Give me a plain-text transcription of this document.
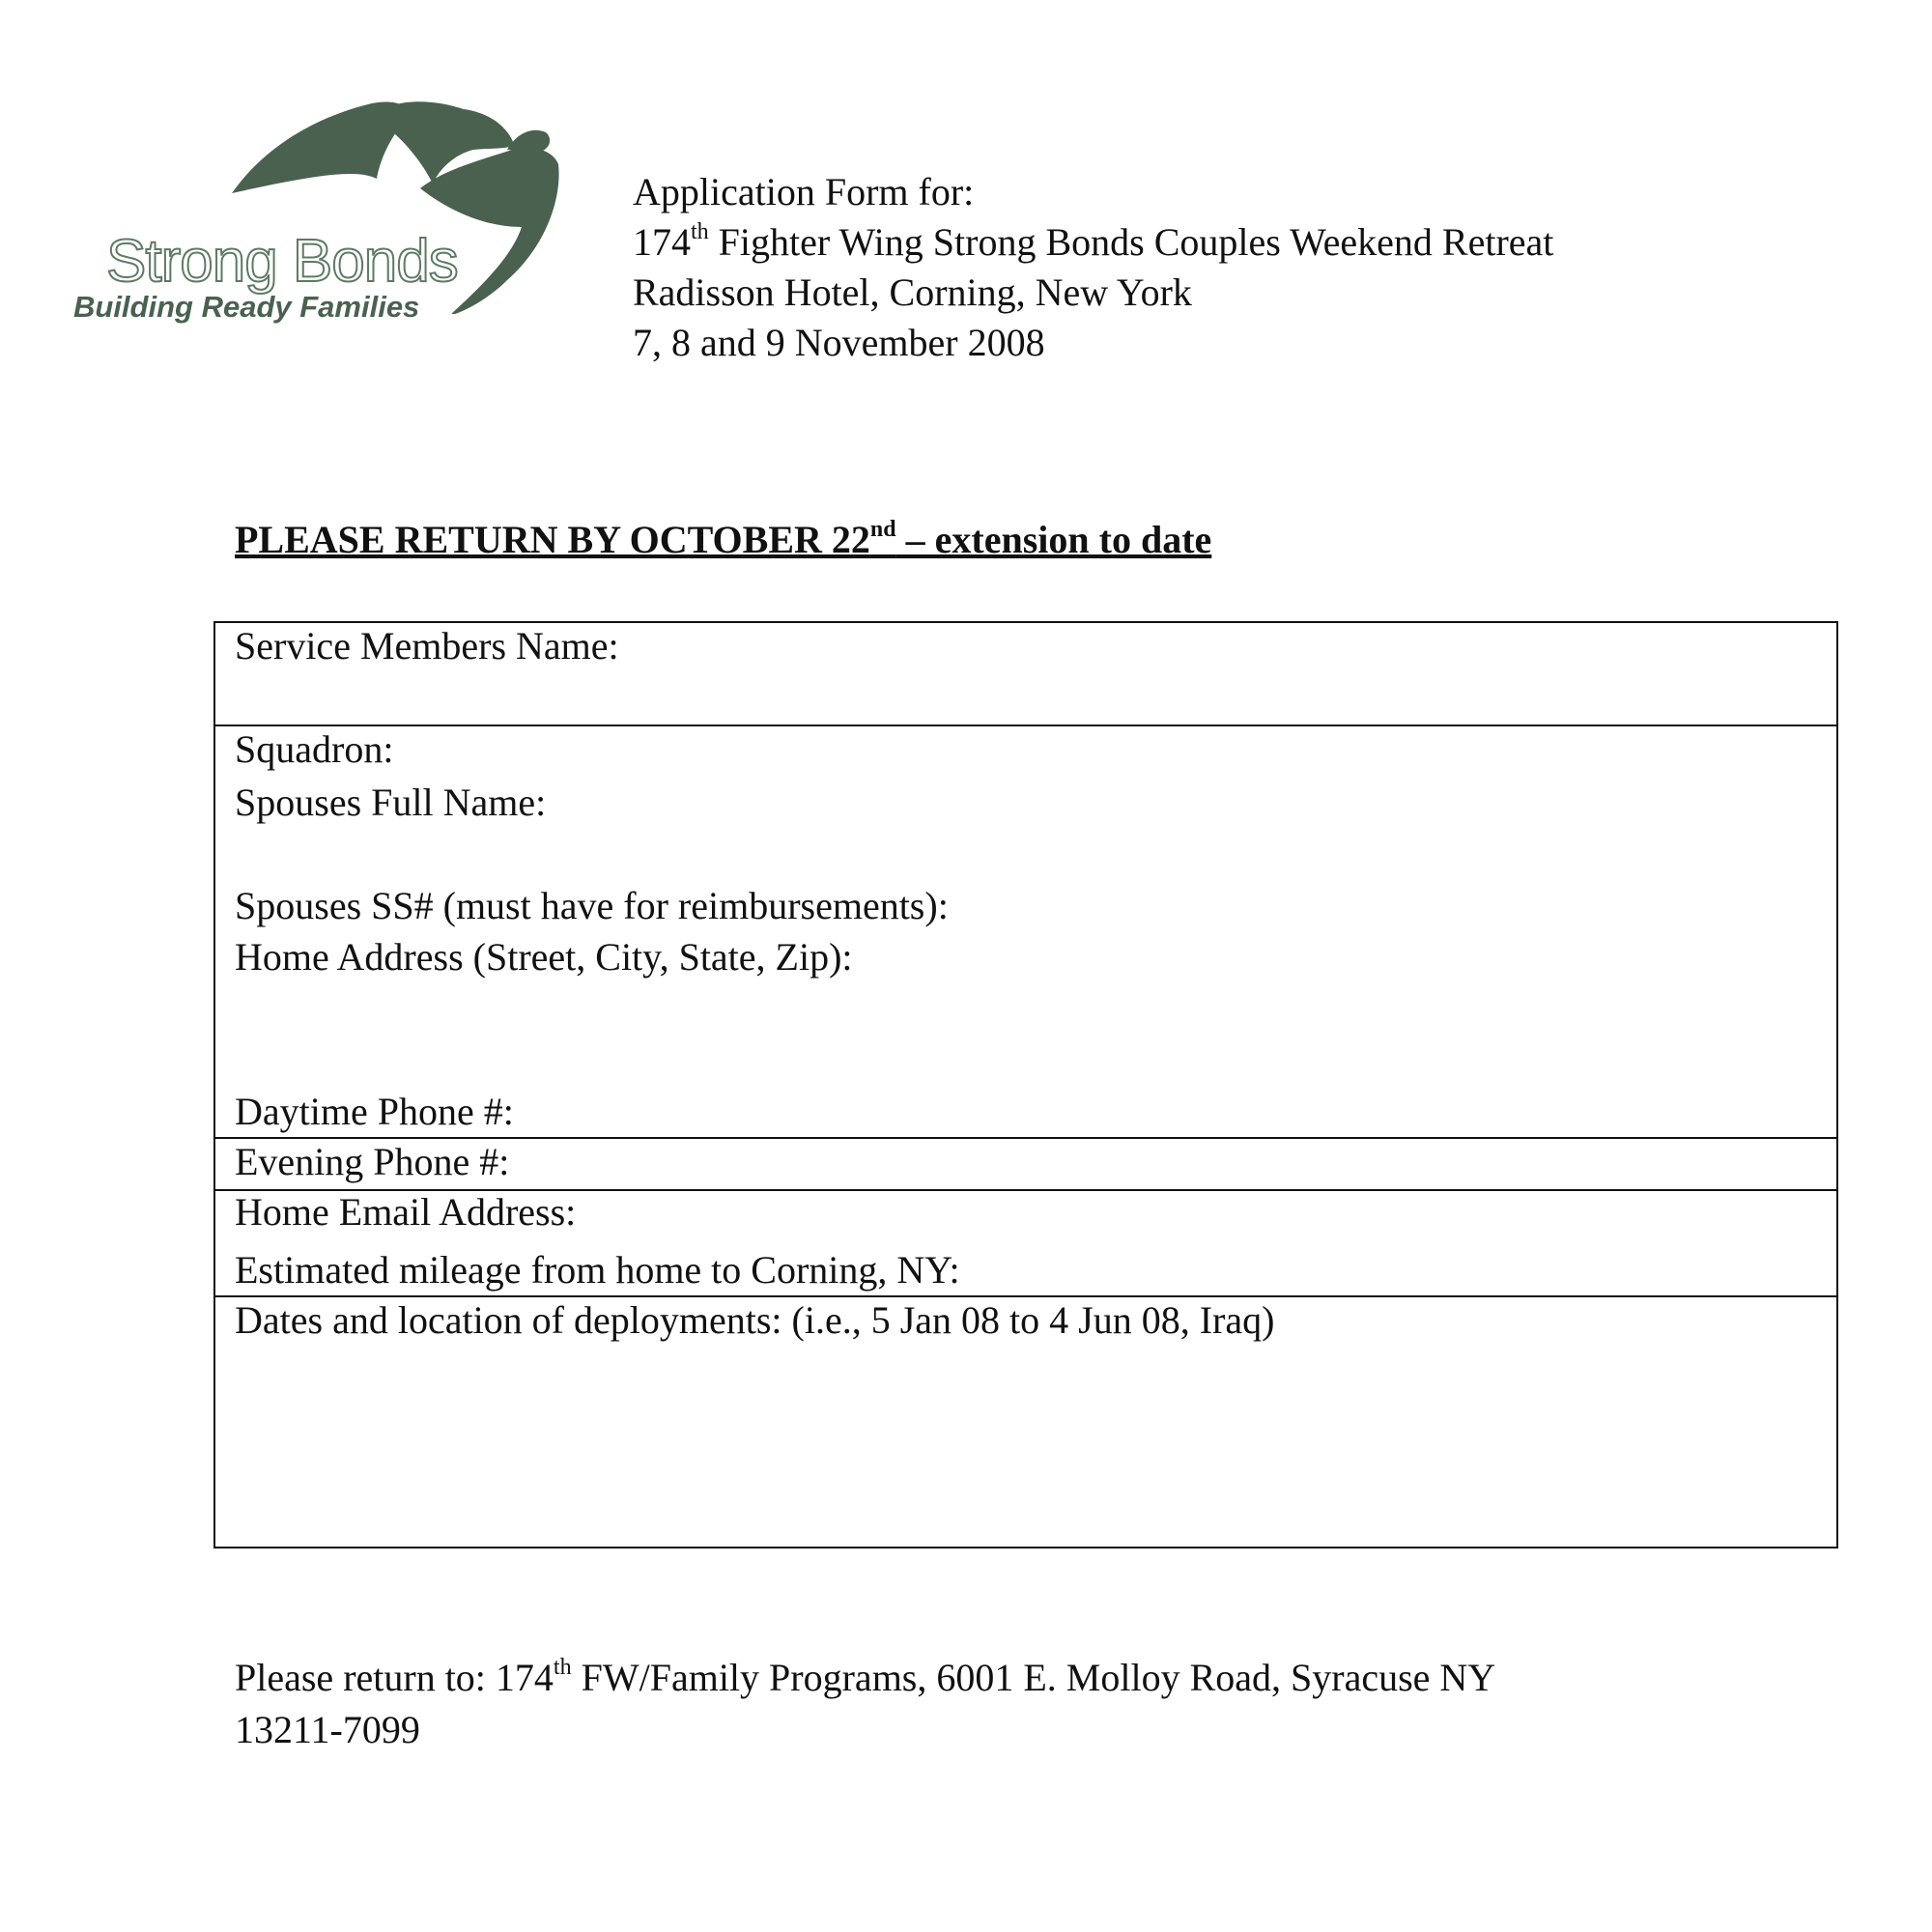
Strong Bonds
Building Ready Families
Application Form for:
174th Fighter Wing Strong Bonds Couples Weekend Retreat
Radisson Hotel, Corning, New York
7, 8 and 9 November 2008
PLEASE RETURN BY OCTOBER 22nd – extension to date
Service Members Name:
Squadron:
Spouses Full Name:
Spouses SS# (must have for reimbursements):
Home Address (Street, City, State, Zip):
Daytime Phone #:
Evening Phone #:
Home Email Address:
Estimated mileage from home to Corning, NY:
Dates and location of deployments: (i.e., 5 Jan 08 to 4 Jun 08, Iraq)
Please return to: 174th FW/Family Programs, 6001 E. Molloy Road, Syracuse NY
13211-7099
